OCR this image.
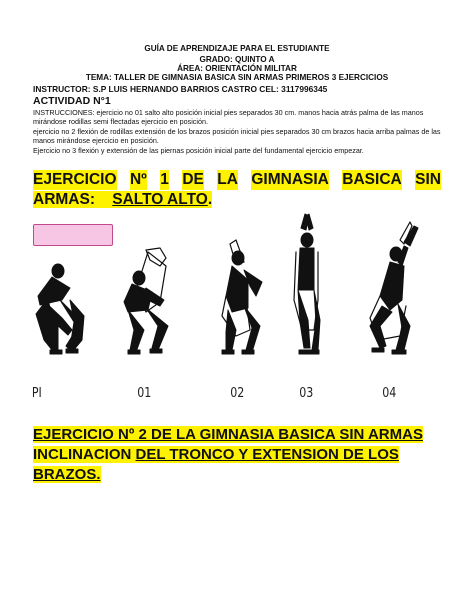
GUÍA DE APRENDIZAJE PARA EL ESTUDIANTE
GRADO: QUINTO A
ÁREA: ORIENTACIÓN MILITAR
TEMA: TALLER DE GIMNASIA BASICA SIN ARMAS PRIMEROS 3 EJERCICIOS
INSTRUCTOR: S.P LUIS HERNANDO BARRIOS CASTRO CEL: 3117996345
ACTIVIDAD N°1
INSTRUCCIONES: ejercicio no 01 salto alto posición inicial pies separados 30 cm. manos hacia atrás palma de las manos mirándose rodillas semi flectadas ejercicio en posición.
ejercicio no 2 flexión de rodillas extensión de los brazos posición inicial pies separados 30 cm brazos hacia arriba palmas de las manos mirándose ejercicio en posición.
Ejercicio no 3 flexión y extensión de las piernas posición inicial parte del fundamental ejercicio empezar.
EJERCICIO Nº 1 DE LA GIMNASIA BASICA SIN
ARMAS: SALTO ALTO.
PI	01	02	03	04
EJERCICIO Nº 2 DE LA GIMNASIA BASICA SIN ARMAS
INCLINACION DEL TRONCO Y EXTENSION DE LOS BRAZOS.
